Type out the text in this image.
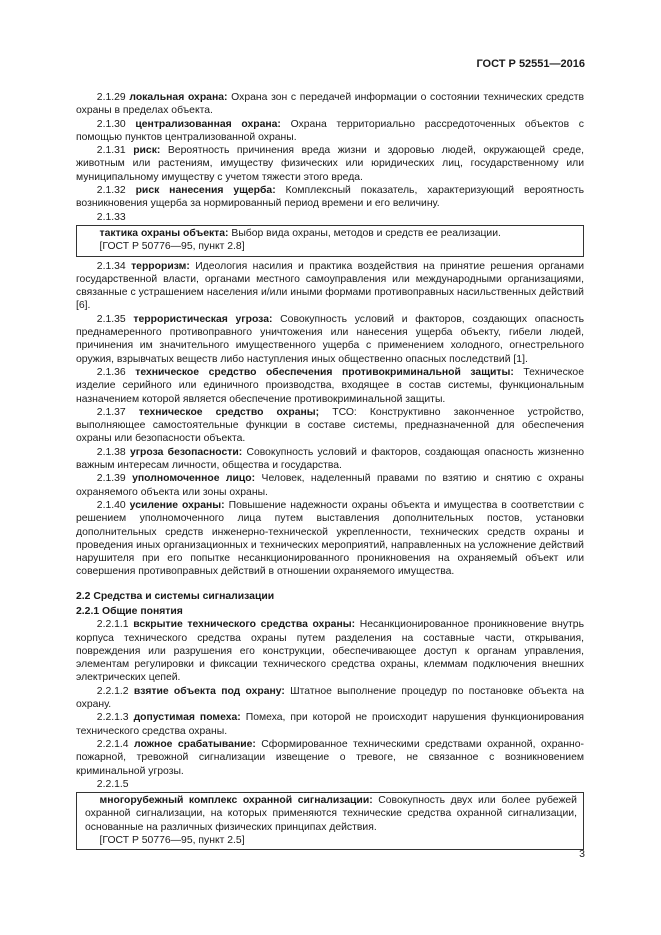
ГОСТ Р 52551—2016

2.1.29 локальная охрана: Охрана зон с передачей информации о состоянии технических средств охраны в пределах объекта.

2.1.30 централизованная охрана: Охрана территориально рассредоточенных объектов с помощью пунктов централизованной охраны.

2.1.31 риск: Вероятность причинения вреда жизни и здоровью людей, окружающей среде, животным или растениям, имуществу физических или юридических лиц, государственному или муниципальному имуществу с учетом тяжести этого вреда.

2.1.32 риск нанесения ущерба: Комплексный показатель, характеризующий вероятность возникновения ущерба за нормированный период времени и его величину.

2.1.33

тактика охраны объекта: Выбор вида охраны, методов и средств ее реализации.

[ГОСТ Р 50776—95, пункт 2.8]

2.1.34 терроризм: Идеология насилия и практика воздействия на принятие решения органами государственной власти, органами местного самоуправления или международными организациями, связанные с устрашением населения и/или иными формами противоправных насильственных действий [6].

2.1.35 террористическая угроза: Совокупность условий и факторов, создающих опасность преднамеренного противоправного уничтожения или нанесения ущерба объекту, гибели людей, причинения им значительного имущественного ущерба с применением холодного, огнестрельного оружия, взрывчатых веществ либо наступления иных общественно опасных последствий [1].

2.1.36 техническое средство обеспечения противокриминальной защиты: Техническое изделие серийного или единичного производства, входящее в состав системы, функциональным назначением которой является обеспечение противокриминальной защиты.

2.1.37 техническое средство охраны; ТСО: Конструктивно законченное устройство, выполняющее самостоятельные функции в составе системы, предназначенной для обеспечения охраны или безопасности объекта.

2.1.38 угроза безопасности: Совокупность условий и факторов, создающая опасность жизненно важным интересам личности, общества и государства.

2.1.39 уполномоченное лицо: Человек, наделенный правами по взятию и снятию с охраны охраняемого объекта или зоны охраны.

2.1.40 усиление охраны: Повышение надежности охраны объекта и имущества в соответствии с решением уполномоченного лица путем выставления дополнительных постов, установки дополнительных средств инженерно-технической укрепленности, технических средств охраны и проведения иных организационных и технических мероприятий, направленных на усложнение действий нарушителя при его попытке несанкционированного проникновения на охраняемый объект или совершения противоправных действий в отношении охраняемого имущества.

2.2 Средства и системы сигнализации

2.2.1 Общие понятия

2.2.1.1 вскрытие технического средства охраны: Несанкционированное проникновение внутрь корпуса технического средства охраны путем разделения на составные части, открывания, повреждения или разрушения его конструкции, обеспечивающее доступ к органам управления, элементам регулировки и фиксации технического средства охраны, клеммам подключения внешних электрических цепей.

2.2.1.2 взятие объекта под охрану: Штатное выполнение процедур по постановке объекта на охрану.

2.2.1.3 допустимая помеха: Помеха, при которой не происходит нарушения функционирования технического средства охраны.

2.2.1.4 ложное срабатывание: Сформированное техническими средствами охранной, охранно-пожарной, тревожной сигнализации извещение о тревоге, не связанное с возникновением криминальной угрозы.

2.2.1.5

многорубежный комплекс охранной сигнализации: Совокупность двух или более рубежей охранной сигнализации, на которых применяются технические средства охранной сигнализации, основанные на различных физических принципах действия.

[ГОСТ Р 50776—95, пункт 2.5]

3
